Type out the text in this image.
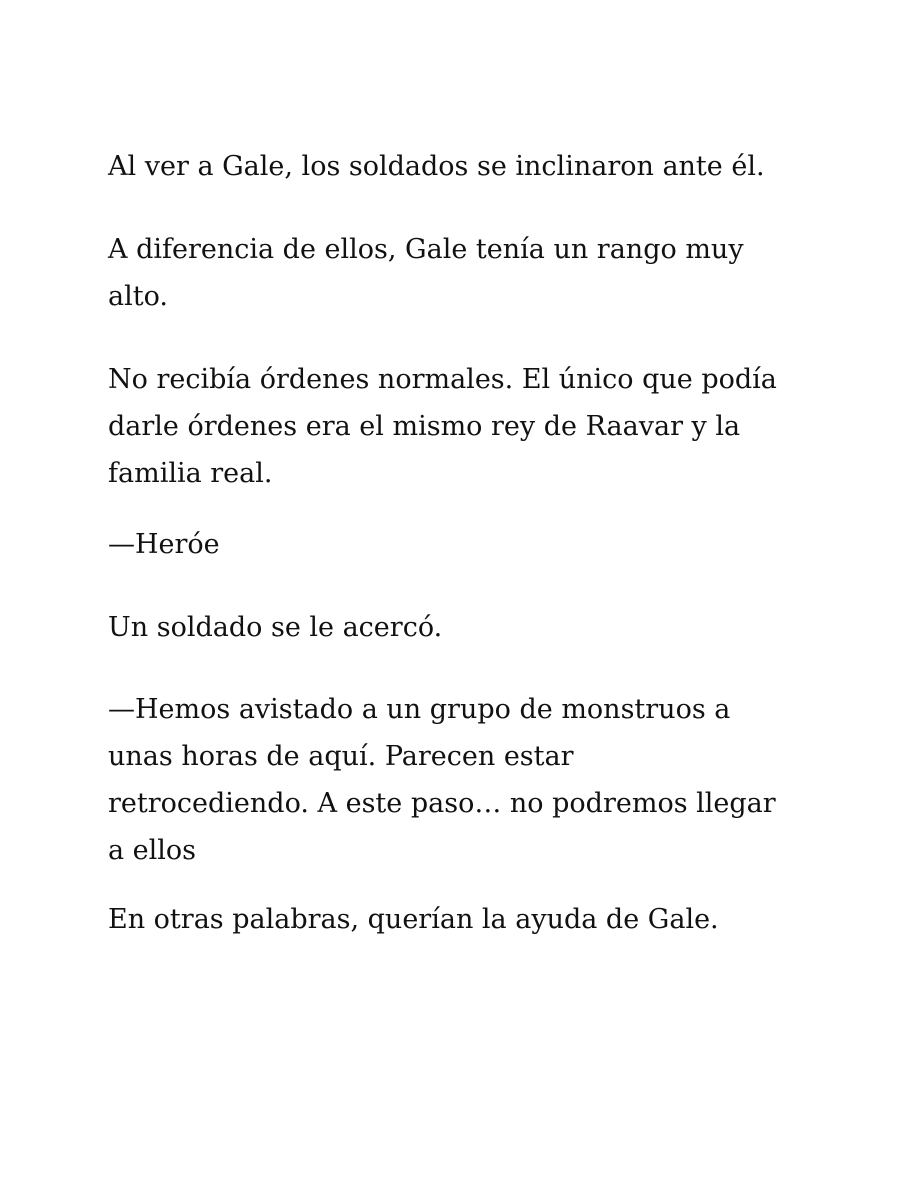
Al ver a Gale, los soldados se inclinaron ante él.

A diferencia de ellos, Gale tenía un rango muy
alto.

No recibía órdenes normales. El único que podía
darle órdenes era el mismo rey de Raavar y la
familia real.

—Heróe

Un soldado se le acercó.

—Hemos avistado a un grupo de monstruos a
unas horas de aquí. Parecen estar
retrocediendo. A este paso… no podremos llegar
a ellos

En otras palabras, querían la ayuda de Gale.
